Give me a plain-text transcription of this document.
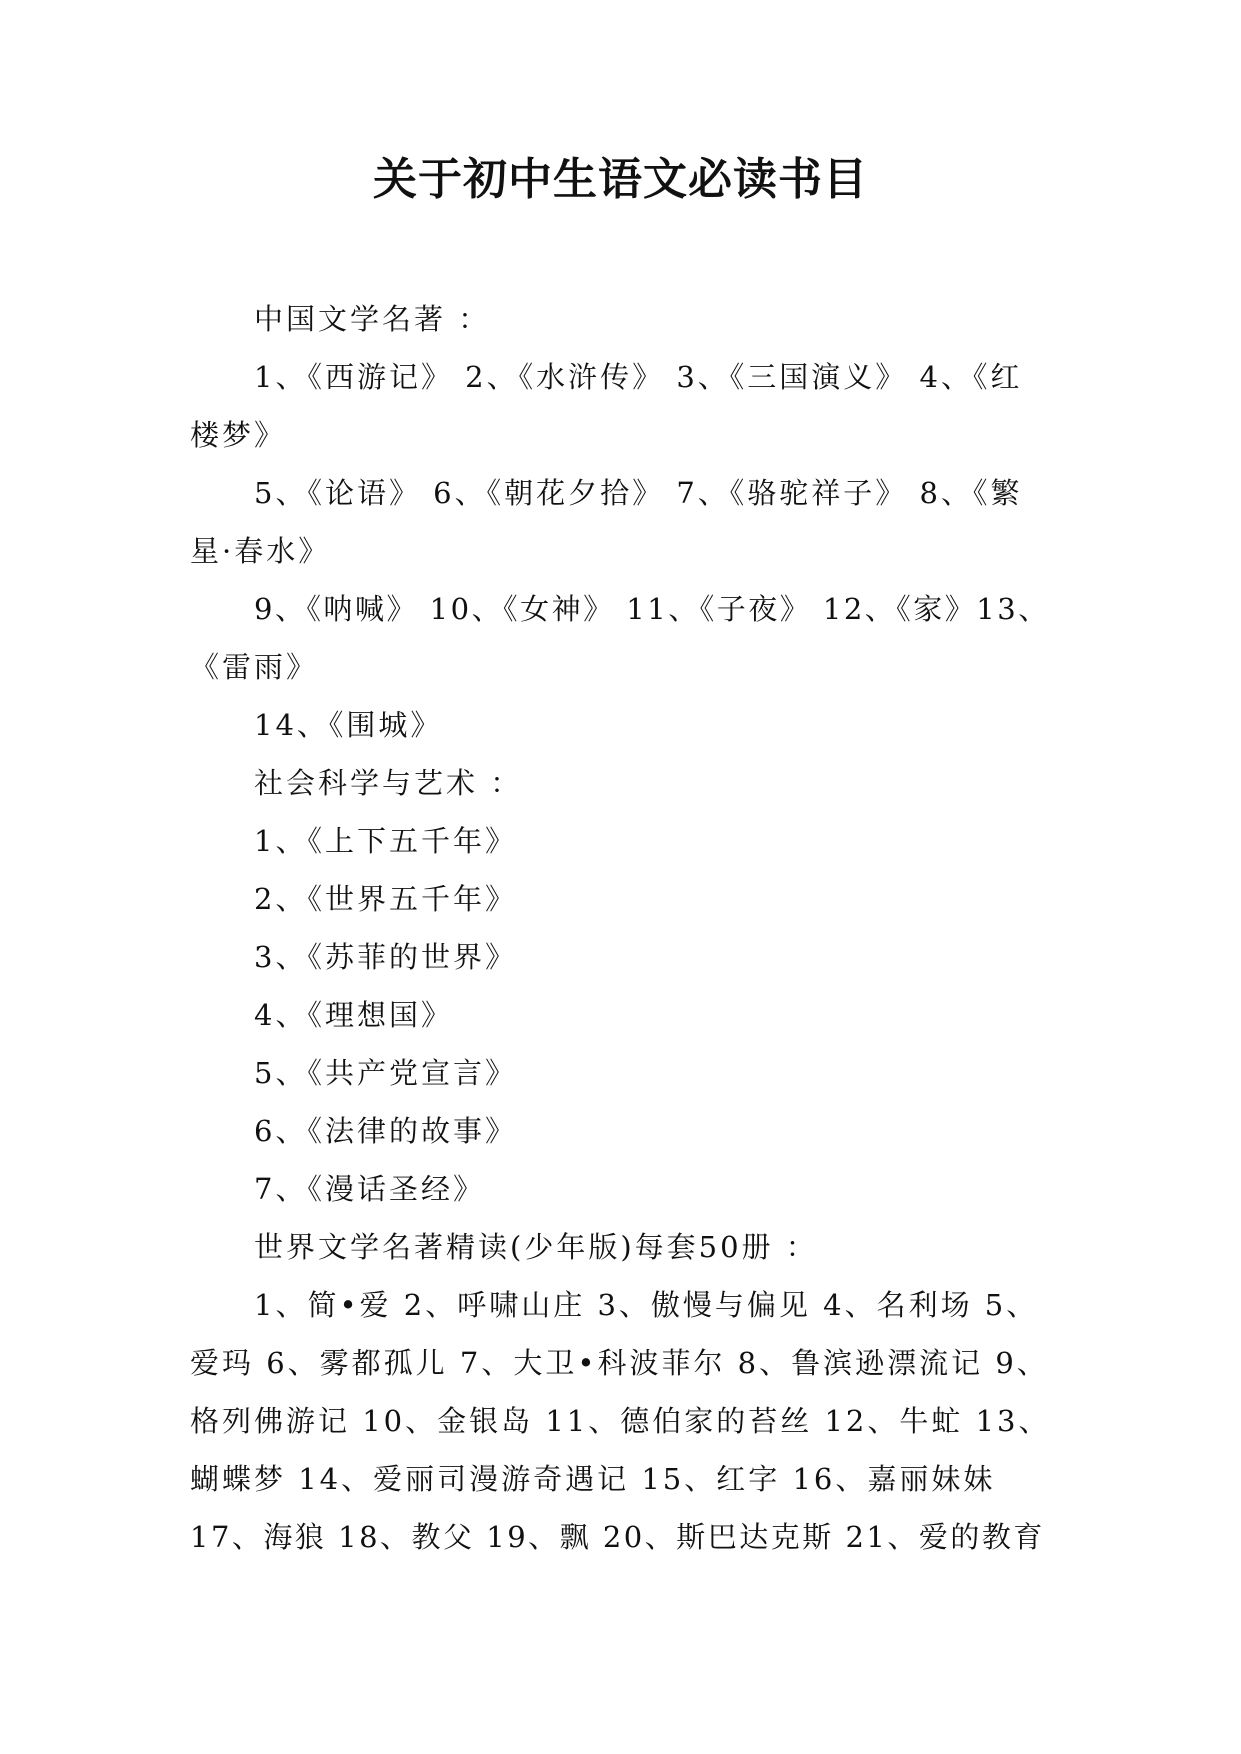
关于初中生语文必读书目
中国文学名著 ：
1、《西游记》 2、《水浒传》 3、《三国演义》 4、《红
楼梦》
5、《论语》 6、《朝花夕拾》 7、《骆驼祥子》 8、《繁
星·春水》
9、《呐喊》 10、《女神》 11、《子夜》 12、《家》13、
《雷雨》
14、《围城》
社会科学与艺术 ：
1、《上下五千年》
2、《世界五千年》
3、《苏菲的世界》
4、《理想国》
5、《共产党宣言》
6、《法律的故事》
7、《漫话圣经》
世界文学名著精读(少年版)每套50册 ：
1、简•爱 2、呼啸山庄 3、傲慢与偏见 4、名利场 5、
爱玛 6、雾都孤儿 7、大卫•科波菲尔 8、鲁滨逊漂流记 9、
格列佛游记 10、金银岛 11、德伯家的苔丝 12、牛虻 13、
蝴蝶梦 14、爱丽司漫游奇遇记 15、红字 16、嘉丽妹妹
17、海狼 18、教父 19、飘 20、斯巴达克斯 21、爱的教育
